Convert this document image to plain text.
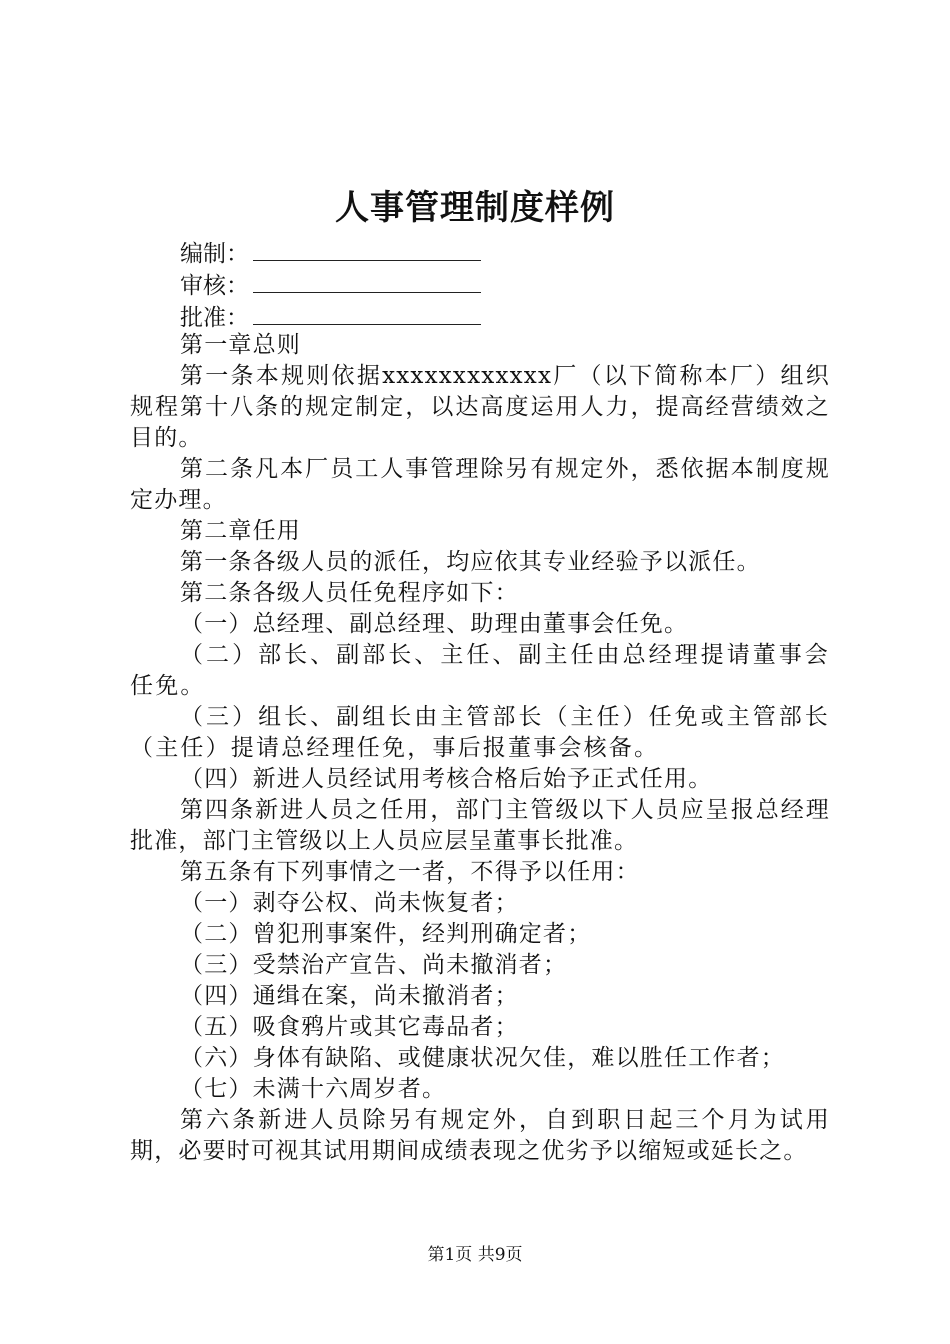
人事管理制度样例
编制：
审核：
批准：

第一章总则

第一条本规则依据xxxxxxxxxxxx厂（以下简称本厂）组织规程第十八条的规定制定，以达高度运用人力，提高经营绩效之目的。

第二条凡本厂员工人事管理除另有规定外，悉依据本制度规定办理。

第二章任用

第一条各级人员的派任，均应依其专业经验予以派任。

第二条各级人员任免程序如下：

（一）总经理、副总经理、助理由董事会任免。

（二）部长、副部长、主任、副主任由总经理提请董事会任免。

（三）组长、副组长由主管部长（主任）任免或主管部长（主任）提请总经理任免，事后报董事会核备。

（四）新进人员经试用考核合格后始予正式任用。

第四条新进人员之任用，部门主管级以下人员应呈报总经理批准，部门主管级以上人员应层呈董事长批准。

第五条有下列事情之一者，不得予以任用：

（一）剥夺公权、尚未恢复者；

（二）曾犯刑事案件，经判刑确定者；

（三）受禁治产宣告、尚未撤消者；

（四）通缉在案，尚未撤消者；

（五）吸食鸦片或其它毒品者；

（六）身体有缺陷、或健康状况欠佳，难以胜任工作者；

（七）未满十六周岁者。

第六条新进人员除另有规定外，自到职日起三个月为试用期，必要时可视其试用期间成绩表现之优劣予以缩短或延长之。

第1页 共9页
